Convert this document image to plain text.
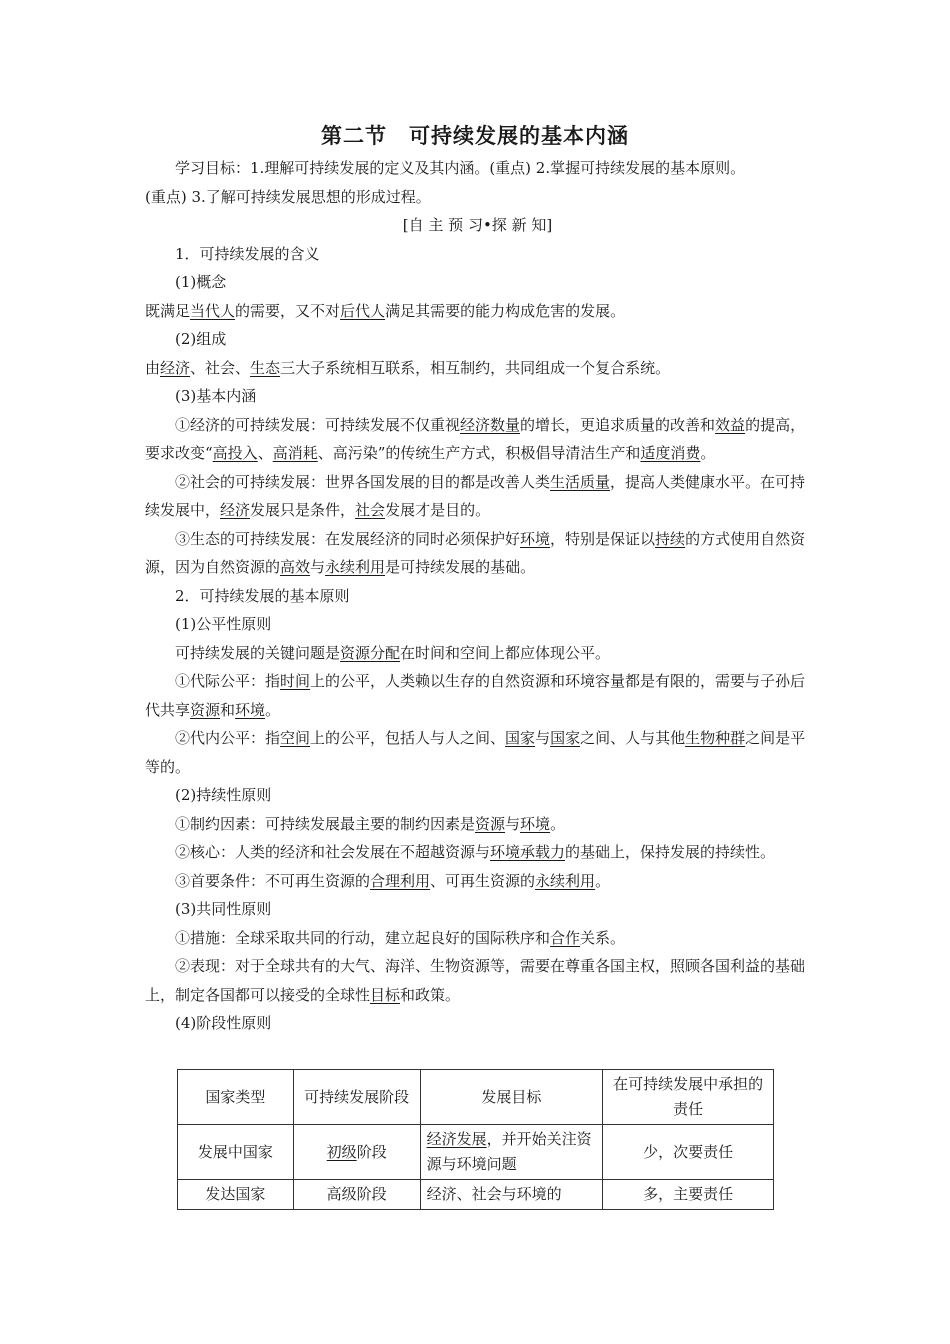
第二节　可持续发展的基本内涵

学习目标：1.理解可持续发展的定义及其内涵。(重点) 2.掌握可持续发展的基本原则。

(重点) 3.了解可持续发展思想的形成过程。

[自 主 预 习•探 新 知]

1．可持续发展的含义

(1)概念

既满足当代人的需要，又不对后代人满足其需要的能力构成危害的发展。

(2)组成

由经济、社会、生态三大子系统相互联系，相互制约，共同组成一个复合系统。

(3)基本内涵

①经济的可持续发展：可持续发展不仅重视经济数量的增长，更追求质量的改善和效益的提高，要求改变“高投入、高消耗、高污染”的传统生产方式，积极倡导清洁生产和适度消费。

②社会的可持续发展：世界各国发展的目的都是改善人类生活质量，提高人类健康水平。在可持续发展中，经济发展只是条件，社会发展才是目的。

③生态的可持续发展：在发展经济的同时必须保护好环境，特别是保证以持续的方式使用自然资源，因为自然资源的高效与永续利用是可持续发展的基础。

2．可持续发展的基本原则

(1)公平性原则

可持续发展的关键问题是资源分配在时间和空间上都应体现公平。

①代际公平：指时间上的公平，人类赖以生存的自然资源和环境容量都是有限的，需要与子孙后代共享资源和环境。

②代内公平：指空间上的公平，包括人与人之间、国家与国家之间、人与其他生物种群之间是平等的。

(2)持续性原则

①制约因素：可持续发展最主要的制约因素是资源与环境。

②核心：人类的经济和社会发展在不超越资源与环境承载力的基础上，保持发展的持续性。

③首要条件：不可再生资源的合理利用、可再生资源的永续利用。

(3)共同性原则

①措施：全球采取共同的行动，建立起良好的国际秩序和合作关系。

②表现：对于全球共有的大气、海洋、生物资源等，需要在尊重各国主权，照顾各国利益的基础上，制定各国都可以接受的全球性目标和政策。

(4)阶段性原则

国家类型	可持续发展阶段	发展目标	在可持续发展中承担的责任
发展中国家	初级阶段	经济发展，并开始关注资源与环境问题	少，次要责任
发达国家	高级阶段	经济、社会与环境的	多，主要责任
